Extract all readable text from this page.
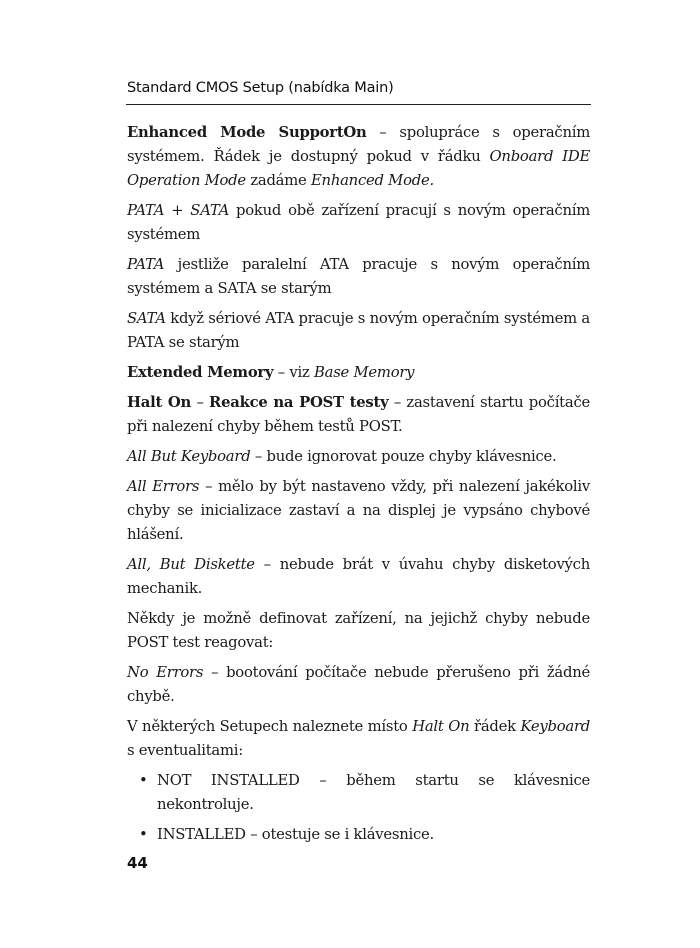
Standard CMOS Setup (nabídka Main)

Enhanced Mode SupportOn – spolupráce s operačním systémem. Řádek je dostupný pokud v řádku Onboard IDE Operation Mode zadáme Enhanced Mode.

PATA + SATA pokud obě zařízení pracují s novým operačním systémem

PATA jestliže paralelní ATA pracuje s novým operačním systémem a SATA se starým

SATA když sériové ATA pracuje s novým operačním systémem a PATA se starým

Extended Memory – viz Base Memory

Halt On – Reakce na POST testy – zastavení startu počítače při nalezení chyby během testů POST.

All But Keyboard – bude ignorovat pouze chyby klávesnice.

All Errors – mělo by být nastaveno vždy, při nalezení jakékoliv chyby se inicializace zastaví a na displej je vypsáno chybové hlášení.

All, But Diskette – nebude brát v úvahu chyby disketových mechanik.

Někdy je možně definovat zařízení, na jejichž chyby nebude POST test reagovat:

No Errors – bootování počítače nebude přerušeno při žádné chybě.

V některých Setupech naleznete místo Halt On řádek Keyboard s eventualitami:

• NOT INSTALLED – během startu se klávesnice nekontroluje.
• INSTALLED – otestuje se i klávesnice.
44
